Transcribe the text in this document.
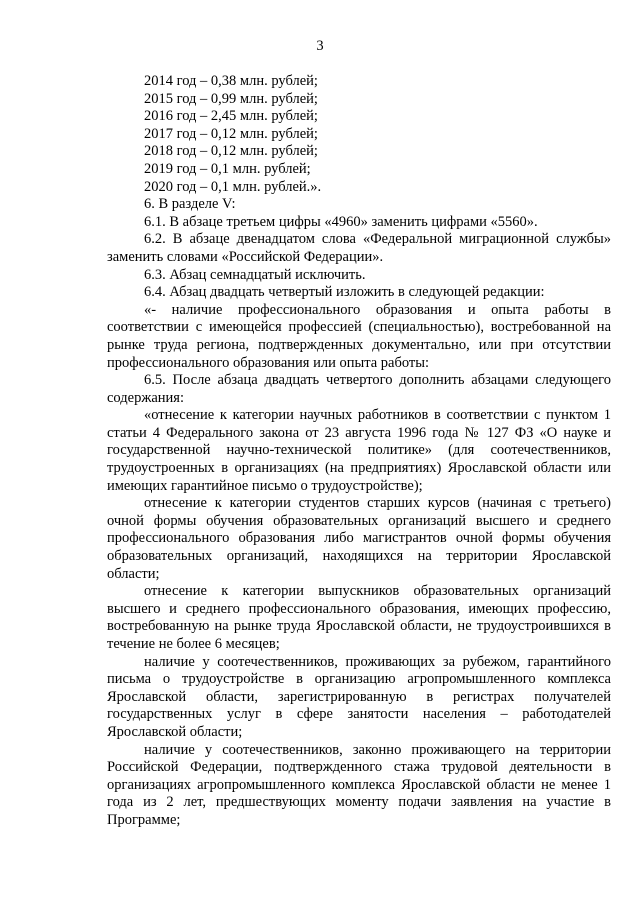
3

2014 год – 0,38 млн. рублей;

2015 год – 0,99 млн. рублей;

2016 год – 2,45 млн. рублей;

2017 год – 0,12 млн. рублей;

2018 год – 0,12 млн. рублей;

2019 год – 0,1 млн. рублей;

2020 год – 0,1 млн. рублей.».

6. В разделе V:

6.1. В абзаце третьем цифры «4960» заменить цифрами «5560».

6.2. В абзаце двенадцатом слова «Федеральной миграционной службы» заменить словами «Российской Федерации».

6.3. Абзац семнадцатый исключить.

6.4. Абзац двадцать четвертый изложить в следующей редакции:

«- наличие профессионального образования и опыта работы в соответствии с имеющейся профессией (специальностью), востребованной на рынке труда региона, подтвержденных документально, или при отсутствии профессионального образования или опыта работы:

6.5. После абзаца двадцать четвертого дополнить абзацами следующего содержания:

«отнесение к категории научных работников в соответствии с пунктом 1 статьи 4 Федерального закона от 23 августа 1996 года № 127 ФЗ «О науке и государственной научно-технической политике» (для соотечественников, трудоустроенных в организациях (на предприятиях) Ярославской области или имеющих гарантийное письмо о трудоустройстве);

отнесение к категории студентов старших курсов (начиная с третьего) очной формы обучения образовательных организаций высшего и среднего профессионального образования либо магистрантов очной формы обучения образовательных организаций, находящихся на территории Ярославской области;

отнесение к категории выпускников образовательных организаций высшего и среднего профессионального образования, имеющих профессию, востребованную на рынке труда Ярославской области, не трудоустроившихся в течение не более 6 месяцев;

наличие у соотечественников, проживающих за рубежом, гарантийного письма о трудоустройстве в организацию агропромышленного комплекса Ярославской области, зарегистрированную в регистрах получателей государственных услуг в сфере занятости населения – работодателей Ярославской области;

наличие у соотечественников, законно проживающего на территории Российской Федерации, подтвержденного стажа трудовой деятельности в организациях агропромышленного комплекса Ярославской области не менее 1 года из 2 лет, предшествующих моменту подачи заявления на участие в Программе;
